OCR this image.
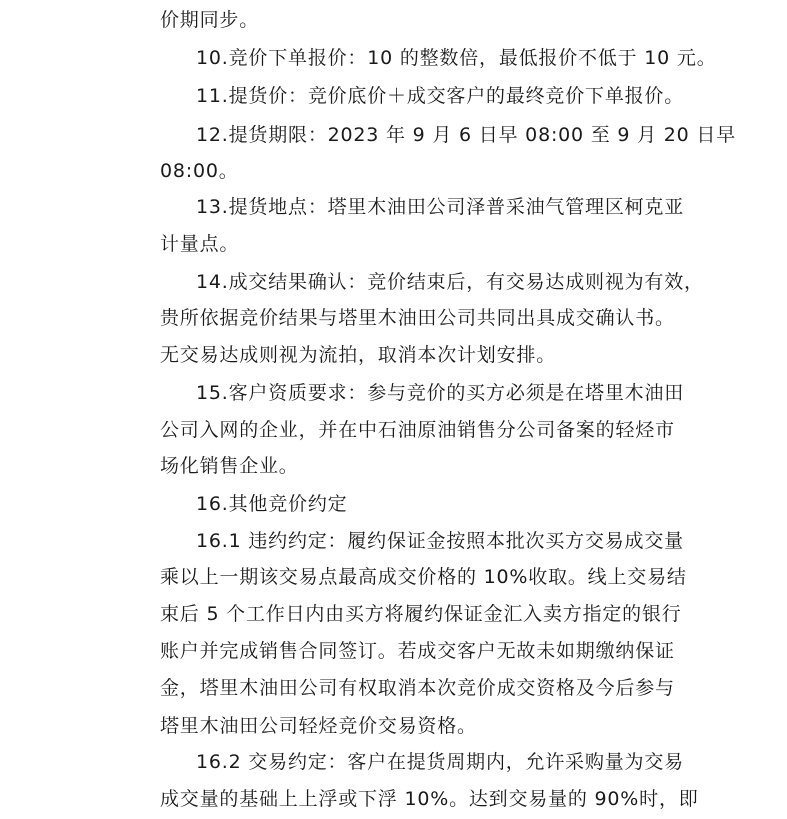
价期同步。
10.竞价下单报价：10 的整数倍，最低报价不低于 10 元。
11.提货价：竞价底价＋成交客户的最终竞价下单报价。
12.提货期限：2023 年 9 月 6 日早 08:00 至 9 月 20 日早
08:00。
13.提货地点：塔里木油田公司泽普采油气管理区柯克亚
计量点。
14.成交结果确认：竞价结束后，有交易达成则视为有效，
贵所依据竞价结果与塔里木油田公司共同出具成交确认书。
无交易达成则视为流拍，取消本次计划安排。
15.客户资质要求：参与竞价的买方必须是在塔里木油田
公司入网的企业，并在中石油原油销售分公司备案的轻烃市
场化销售企业。
16.其他竞价约定
16.1 违约约定：履约保证金按照本批次买方交易成交量
乘以上一期该交易点最高成交价格的 10%收取。线上交易结
束后 5 个工作日内由买方将履约保证金汇入卖方指定的银行
账户并完成销售合同签订。若成交客户无故未如期缴纳保证
金，塔里木油田公司有权取消本次竞价成交资格及今后参与
塔里木油田公司轻烃竞价交易资格。
16.2 交易约定：客户在提货周期内，允许采购量为交易
成交量的基础上上浮或下浮 10%。达到交易量的 90%时，即
